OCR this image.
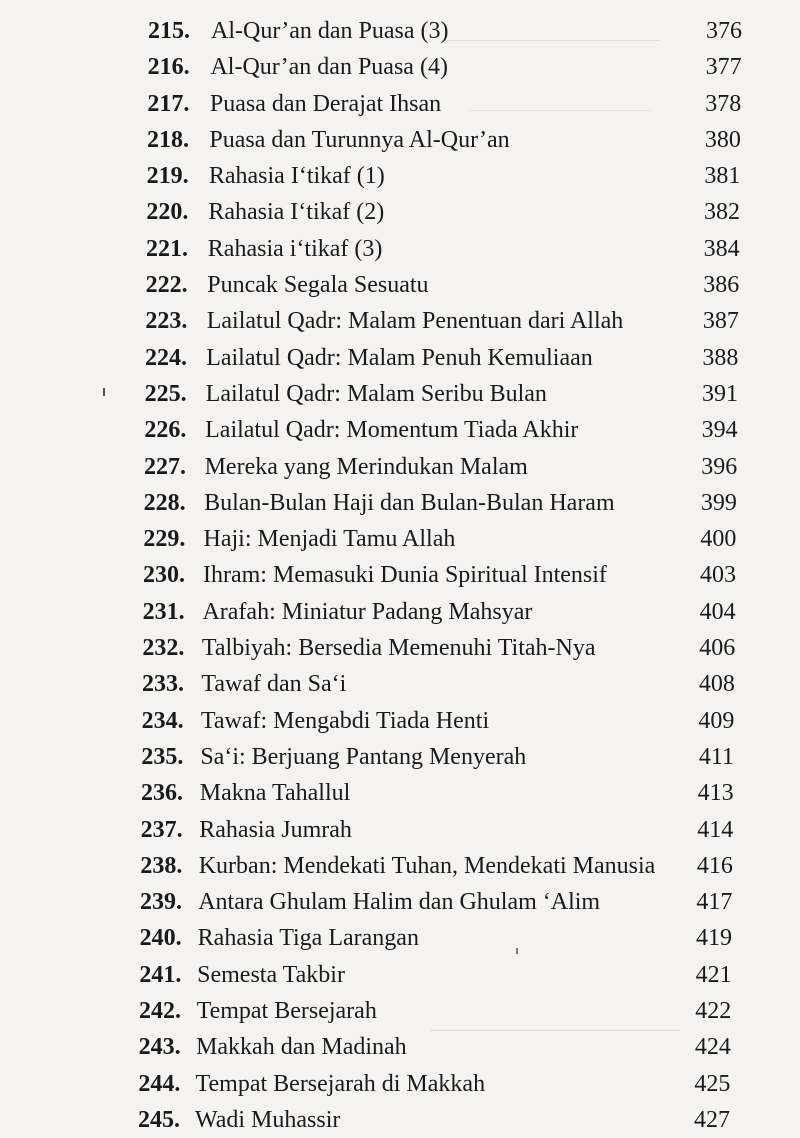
215. Al-Qur’an dan Puasa (3)	376
216. Al-Qur’an dan Puasa (4)	377
217. Puasa dan Derajat Ihsan	378
218. Puasa dan Turunnya Al-Qur’an	380
219. Rahasia I‘tikaf (1)	381
220. Rahasia I‘tikaf (2)	382
221. Rahasia i‘tikaf (3)	384
222. Puncak Segala Sesuatu	386
223. Lailatul Qadr: Malam Penentuan dari Allah	387
224. Lailatul Qadr: Malam Penuh Kemuliaan	388
225. Lailatul Qadr: Malam Seribu Bulan	391
226. Lailatul Qadr: Momentum Tiada Akhir	394
227. Mereka yang Merindukan Malam	396
228. Bulan-Bulan Haji dan Bulan-Bulan Haram	399
229. Haji: Menjadi Tamu Allah	400
230. Ihram: Memasuki Dunia Spiritual Intensif	403
231. Arafah: Miniatur Padang Mahsyar	404
232. Talbiyah: Bersedia Memenuhi Titah-Nya	406
233. Tawaf dan Sa‘i	408
234. Tawaf: Mengabdi Tiada Henti	409
235. Sa‘i: Berjuang Pantang Menyerah	411
236. Makna Tahallul	413
237. Rahasia Jumrah	414
238. Kurban: Mendekati Tuhan, Mendekati Manusia 416
239. Antara Ghulam Halim dan Ghulam ‘Alim	417
240. Rahasia Tiga Larangan	419
241. Semesta Takbir	421
242. Tempat Bersejarah	422
243. Makkah dan Madinah	424
244. Tempat Bersejarah di Makkah	425
245. Wadi Muhassir	427
